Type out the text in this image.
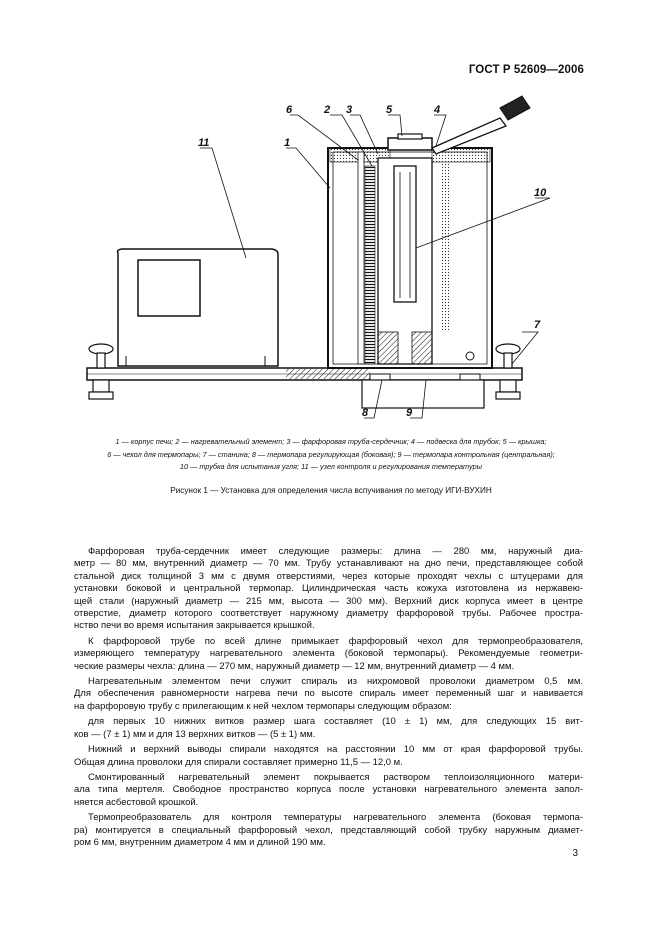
ГОСТ Р 52609—2006
6	2 3	5	4
11	1
10
7
8	9
1 — корпус печи; 2 — нагревательный элемент; 3 — фарфоровая труба-сердечник; 4 — подвеска для трубок; 5 — крышка;
6 — чехол для термопары; 7 — станина; 8 — термопара регулирующая (боковая); 9 — термопара контрольная (центральная);
10 — трубка для испытания угля; 11 — узел контроля и регулирования температуры
Рисунок 1 — Установка для определения числа вспучивания по методу ИГИ-ВУХИН

Фарфоровая труба-сердечник имеет следующие размеры: длина — 280 мм, наружный диа-
метр — 80 мм, внутренний диаметр — 70 мм. Трубу устанавливают на дно печи, представляющее собой
стальной диск толщиной 3 мм с двумя отверстиями, через которые проходят чехлы с штуцерами для
установки боковой и центральной термопар. Цилиндрическая часть кожуха изготовлена из нержавею-
щей стали (наружный диаметр — 215 мм, высота — 300 мм). Верхний диск корпуса имеет в центре
отверстие, диаметр которого соответствует наружному диаметру фарфоровой трубы. Рабочее простра-
нство печи во время испытания закрывается крышкой.

К фарфоровой трубе по всей длине примыкает фарфоровый чехол для термопреобразователя,
измеряющего температуру нагревательного элемента (боковой термопары). Рекомендуемые геометри-
ческие размеры чехла: длина — 270 мм, наружный диаметр — 12 мм, внутренний диаметр — 4 мм.

Нагревательным элементом печи служит спираль из нихромовой проволоки диаметром 0,5 мм.
Для обеспечения равномерности нагрева печи по высоте спираль имеет переменный шаг и навивается
на фарфоровую трубу с прилегающим к ней чехлом термопары следующим образом:

для первых 10 нижних витков размер шага составляет (10 ± 1) мм, для следующих 15 вит-
ков — (7 ± 1) мм и для 13 верхних витков — (5 ± 1) мм.

Нижний и верхний выводы спирали находятся на расстоянии 10 мм от края фарфоровой трубы.
Общая длина проволоки для спирали составляет примерно 11,5 — 12,0 м.

Смонтированный нагревательный элемент покрывается раствором теплоизоляционного матери-
ала типа мертеля. Свободное пространство корпуса после установки нагревательного элемента запол-
няется асбестовой крошкой.

Термопреобразователь для контроля температуры нагревательного элемента (боковая термопа-
ра) монтируется в специальный фарфоровый чехол, представляющий собой трубку наружным диамет-
ром 6 мм, внутренним диаметром 4 мм и длиной 190 мм.

3
